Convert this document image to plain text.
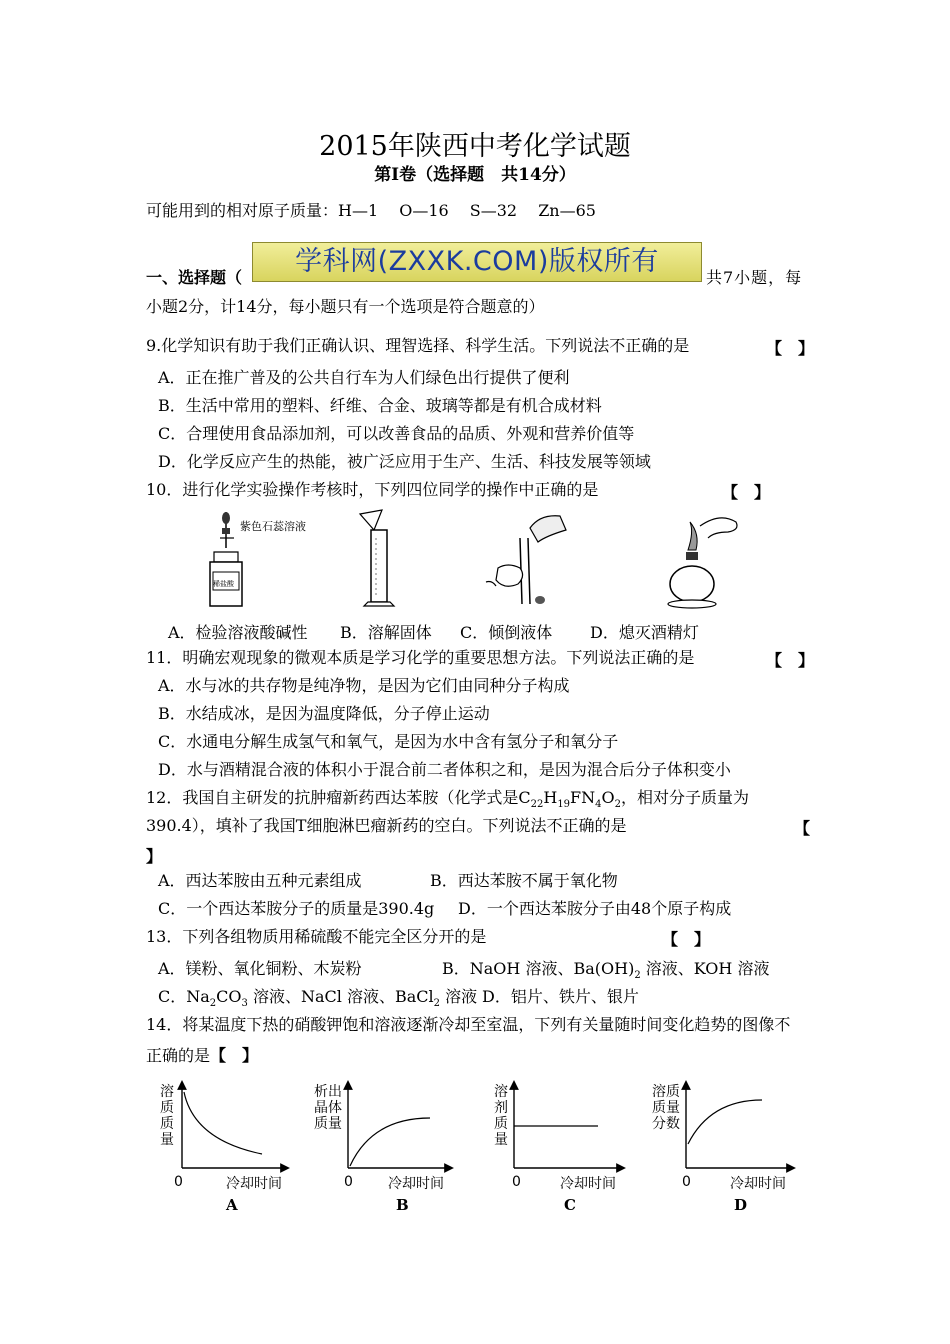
2015年陕西中考化学试题
第Ⅰ卷（选择题　共14分）
可能用到的相对原子质量：H—1　 O—16　 S—32　 Zn—65
一、选择题（
学科网(ZXXK.COM)版权所有
共7小题，每
小题2分，计14分，每小题只有一个选项是符合题意的）
9.化学知识有助于我们正确认识、理智选择、科学生活。下列说法不正确的是	【　】
A．正在推广普及的公共自行车为人们绿色出行提供了便利
B．生活中常用的塑料、纤维、合金、玻璃等都是有机合成材料
C．合理使用食品添加剂，可以改善食品的品质、外观和营养价值等
D．化学反应产生的热能，被广泛应用于生产、生活、科技发展等领域
10．进行化学实验操作考核时，下列四位同学的操作中正确的是	【　】
紫色石蕊溶液
稀盐酸
A．检验溶液酸碱性 B．溶解固体 C．倾倒液体 D．熄灭酒精灯
11．明确宏观现象的微观本质是学习化学的重要思想方法。下列说法正确的是	【　】
A．水与冰的共存物是纯净物，是因为它们由同种分子构成
B．水结成冰，是因为温度降低，分子停止运动
C．水通电分解生成氢气和氧气，是因为水中含有氢分子和氧分子
D．水与酒精混合液的体积小于混合前二者体积之和，是因为混合后分子体积变小
12．我国自主研发的抗肿瘤新药西达苯胺（化学式是$C_{22}H_{19}FN_4O_2$，相对分子质量为
390.4），填补了我国T细胞淋巴瘤新药的空白。下列说法不正确的是	【
】
A．西达苯胺由五种元素组成	B．西达苯胺不属于氧化物
C．一个西达苯胺分子的质量是390.4g D．一个西达苯胺分子由48个原子构成
13．下列各组物质用稀硫酸不能完全区分开的是	【　】
A．镁粉、氧化铜粉、木炭粉	B．NaOH 溶液、$Ba(OH)_2$ 溶液、KOH 溶液
C．$Na_2CO_3$ 溶液、NaCl 溶液、BaCl$_2$ 溶液 D．铝片、铁片、银片
14．将某温度下热的硝酸钾饱和溶液逐渐冷却至室温，下列有关量随时间变化趋势的图像不
正确的是【　】
溶
质
质
量
0	冷却时间
A
析出
晶体
质量
0	冷却时间
B
溶
剂
质
量
0	冷却时间
C
溶质
质量
分数
0	冷却时间
D
